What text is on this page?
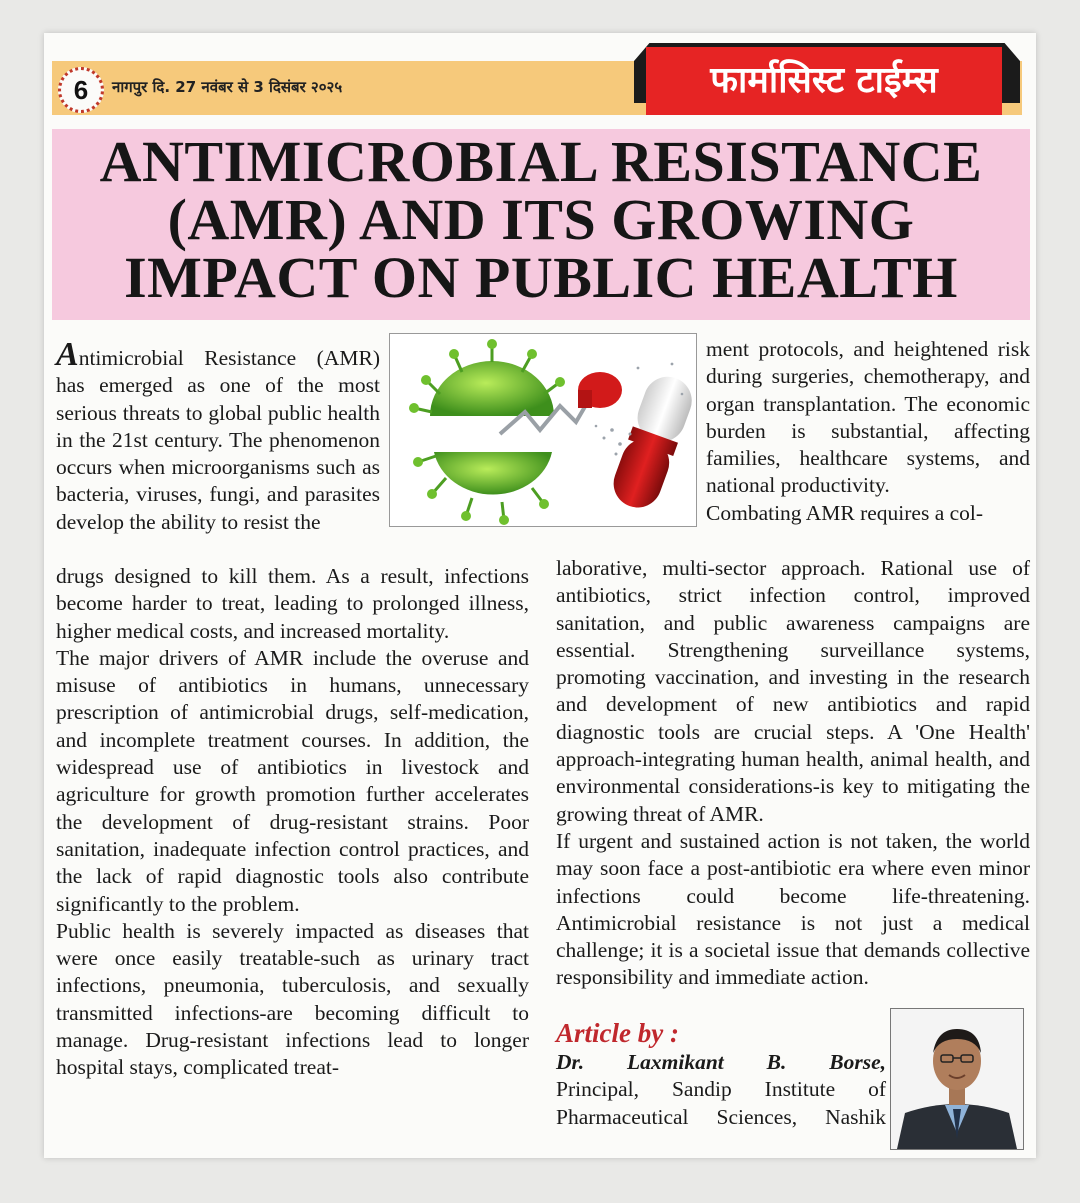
6	नागपुर दि. 27 नवंबर से 3 दिसंबर २०२५	फार्मासिस्ट टाईम्स
ANTIMICROBIAL RESISTANCE
(AMR) AND ITS GROWING
IMPACT ON PUBLIC HEALTH

Antimicrobial Resistance (AMR) has emerged as one of the most serious threats to global public health in the 21st century. The phenomenon occurs when microorganisms such as bacteria, viruses, fungi, and parasites develop the ability to resist the

drugs designed to kill them. As a result, infections become harder to treat, leading to prolonged illness, higher medical costs, and increased mortality.

The major drivers of AMR include the overuse and misuse of antibiotics in humans, unnecessary prescription of antimicrobial drugs, self-medication, and incomplete treatment courses. In addition, the widespread use of antibiotics in livestock and agriculture for growth promotion further accelerates the development of drug-resistant strains. Poor sanitation, inadequate infection control practices, and the lack of rapid diagnostic tools also contribute significantly to the problem.

Public health is severely impacted as diseases that were once easily treatable-such as urinary tract infections, pneumonia, tuberculosis, and sexually transmitted infections-are becoming difficult to manage. Drug-resistant infections lead to longer hospital stays, complicated treat-

ment protocols, and heightened risk during surgeries, chemotherapy, and organ transplantation. The economic burden is substantial, affecting families, healthcare systems, and national productivity.

Combating AMR requires a col-

laborative, multi-sector approach. Rational use of antibiotics, strict infection control, improved sanitation, and public awareness campaigns are essential. Strengthening surveillance systems, promoting vaccination, and investing in the research and development of new antibiotics and rapid diagnostic tools are crucial steps. A 'One Health' approach-integrating human health, animal health, and environmental considerations-is key to mitigating the growing threat of AMR.

If urgent and sustained action is not taken, the world may soon face a post-antibiotic era where even minor infections could become life-threatening. Antimicrobial resistance is not just a medical challenge; it is a societal issue that demands collective responsibility and immediate action.

Article by :
Dr. Laxmikant B. Borse,
Principal, Sandip Institute of Pharmaceutical Sciences, Nashik
